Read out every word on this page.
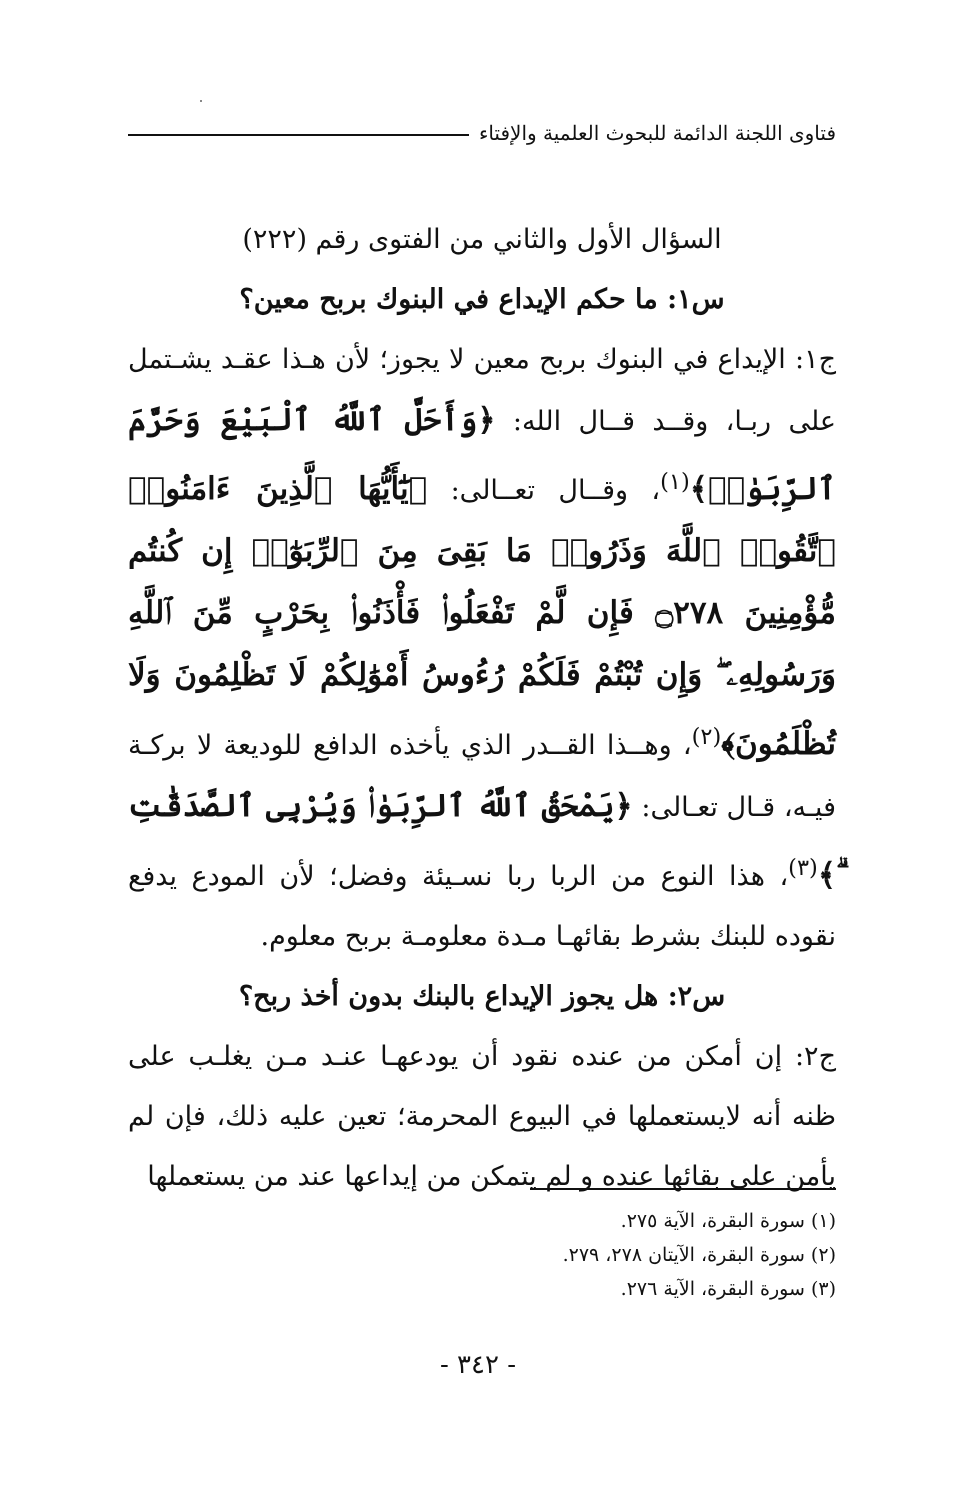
فتاوى اللجنة الدائمة للبحوث العلمية والإفتاء

السؤال الأول والثاني من الفتوى رقم (٢٢٢)

س١: ما حكم الإيداع في البنوك بربح معين؟

ج١: الإيداع في البنوك بربح معين لا يجوز؛ لأن هـذا عقـد يشـتمل على ربـا، وقــد قــال الله: ﴿وَأَحَلَّ ٱللَّهُ ٱلْبَيْعَ وَحَرَّمَ ٱلرِّبَوٰا۟﴾$^{(١)}$، وقــال تعــالى: ﴿يَٰٓأَيُّهَا ٱلَّذِينَ ءَامَنُوا۟ ٱتَّقُوا۟ ٱللَّهَ وَذَرُوا۟ مَا بَقِىَ مِنَ ٱلرِّبَوٰٓا۟ إِن كُنتُم مُّؤْمِنِينَ ۝٢٧٨ فَإِن لَّمْ تَفْعَلُوا۟ فَأْذَنُوا۟ بِحَرْبٍ مِّنَ ٱللَّهِ وَرَسُولِهِۦ ۖ وَإِن تُبْتُمْ فَلَكُمْ رُءُوسُ أَمْوَٰلِكُمْ لَا تَظْلِمُونَ وَلَا تُظْلَمُونَ﴾$^{(٢)}$، وهــذا القــدر الذي يأخذه الدافع للوديعة لا بركـة فيـه، قـال تعـالى: ﴿يَمْحَقُ ٱللَّهُ ٱلرِّبَوٰا۟ وَيُرْبِى ٱلصَّدَقَٰتِ ۗ﴾$^{(٣)}$، هذا النوع من الربا ربا نسـيئة وفضل؛ لأن المودع يدفع نقوده للبنك بشرط بقائهـا مـدة معلومـة بربح معلوم.

س٢: هل يجوز الإيداع بالبنك بدون أخذ ربح؟

ج٢: إن أمكن من عنده نقود أن يودعهـا عنـد مـن يغلـب على ظنه أنه لايستعملها في البيوع المحرمة؛ تعين عليه ذلك، فإن لم يأمن على بقائها عنده و لم يتمكن من إيداعها عند من يستعملها

(١) سورة البقرة، الآية ٢٧٥.
(٢) سورة البقرة، الآيتان ٢٧٨، ٢٧٩.
(٣) سورة البقرة، الآية ٢٧٦.
- ٣٤٢ -
